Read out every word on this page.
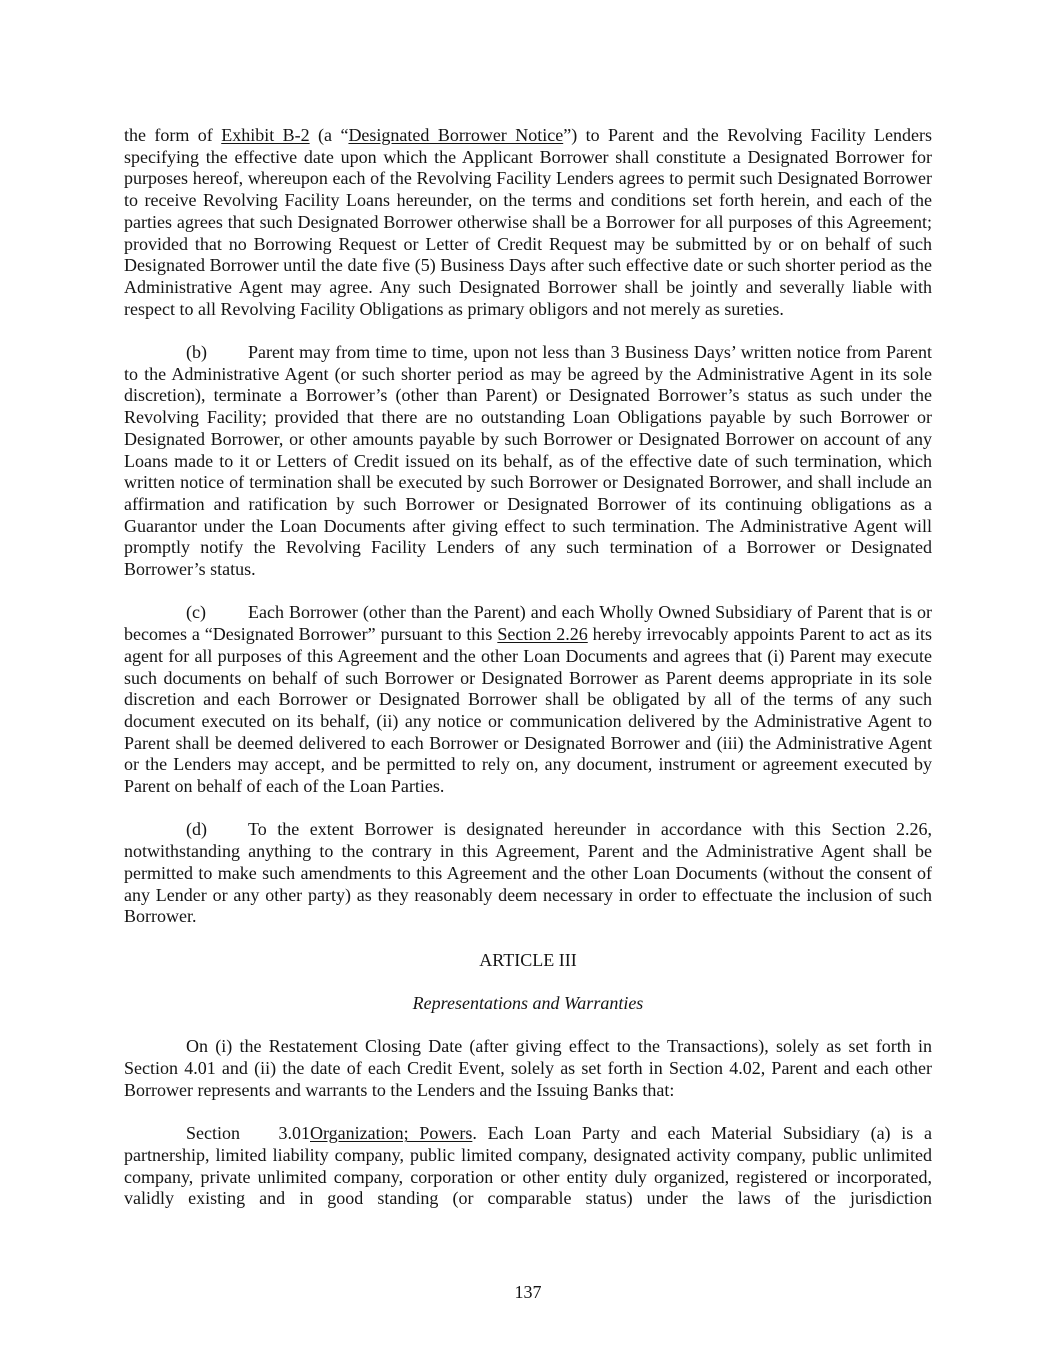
the form of Exhibit B-2 (a “Designated Borrower Notice”) to Parent and the Revolving Facility Lenders specifying the effective date upon which the Applicant Borrower shall constitute a Designated Borrower for purposes hereof, whereupon each of the Revolving Facility Lenders agrees to permit such Designated Borrower to receive Revolving Facility Loans hereunder, on the terms and conditions set forth herein, and each of the parties agrees that such Designated Borrower otherwise shall be a Borrower for all purposes of this Agreement; provided that no Borrowing Request or Letter of Credit Request may be submitted by or on behalf of such Designated Borrower until the date five (5) Business Days after such effective date or such shorter period as the Administrative Agent may agree. Any such Designated Borrower shall be jointly and severally liable with respect to all Revolving Facility Obligations as primary obligors and not merely as sureties.

(b) Parent may from time to time, upon not less than 3 Business Days’ written notice from Parent to the Administrative Agent (or such shorter period as may be agreed by the Administrative Agent in its sole discretion), terminate a Borrower’s (other than Parent) or Designated Borrower’s status as such under the Revolving Facility; provided that there are no outstanding Loan Obligations payable by such Borrower or Designated Borrower, or other amounts payable by such Borrower or Designated Borrower on account of any Loans made to it or Letters of Credit issued on its behalf, as of the effective date of such termination, which written notice of termination shall be executed by such Borrower or Designated Borrower, and shall include an affirmation and ratification by such Borrower or Designated Borrower of its continuing obligations as a Guarantor under the Loan Documents after giving effect to such termination. The Administrative Agent will promptly notify the Revolving Facility Lenders of any such termination of a Borrower or Designated Borrower’s status.

(c) Each Borrower (other than the Parent) and each Wholly Owned Subsidiary of Parent that is or becomes a “Designated Borrower” pursuant to this Section 2.26 hereby irrevocably appoints Parent to act as its agent for all purposes of this Agreement and the other Loan Documents and agrees that (i) Parent may execute such documents on behalf of such Borrower or Designated Borrower as Parent deems appropriate in its sole discretion and each Borrower or Designated Borrower shall be obligated by all of the terms of any such document executed on its behalf, (ii) any notice or communication delivered by the Administrative Agent to Parent shall be deemed delivered to each Borrower or Designated Borrower and (iii) the Administrative Agent or the Lenders may accept, and be permitted to rely on, any document, instrument or agreement executed by Parent on behalf of each of the Loan Parties.

(d) To the extent Borrower is designated hereunder in accordance with this Section 2.26, notwithstanding anything to the contrary in this Agreement, Parent and the Administrative Agent shall be permitted to make such amendments to this Agreement and the other Loan Documents (without the consent of any Lender or any other party) as they reasonably deem necessary in order to effectuate the inclusion of such Borrower.

ARTICLE III

Representations and Warranties

On (i) the Restatement Closing Date (after giving effect to the Transactions), solely as set forth in Section 4.01 and (ii) the date of each Credit Event, solely as set forth in Section 4.02, Parent and each other Borrower represents and warrants to the Lenders and the Issuing Banks that:

Section 3.01Organization; Powers. Each Loan Party and each Material Subsidiary (a) is a partnership, limited liability company, public limited company, designated activity company, public unlimited company, private unlimited company, corporation or other entity duly organized, registered or incorporated, validly existing and in good standing (or comparable status) under the laws of the jurisdiction

137
